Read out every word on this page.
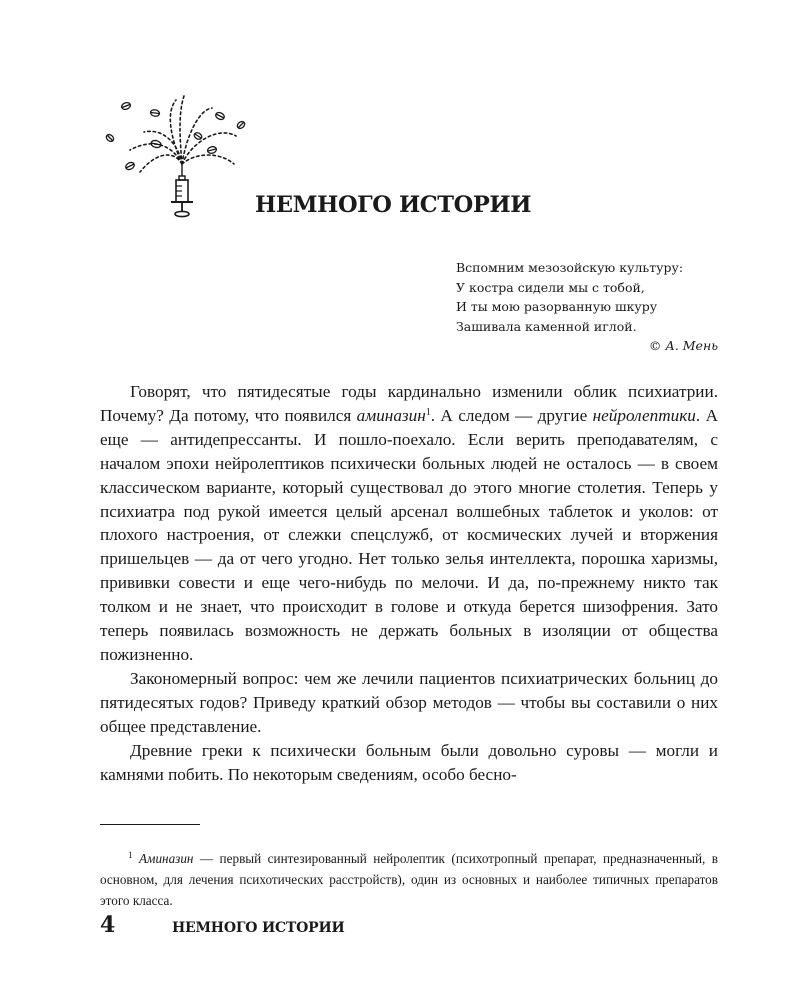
НЕМНОГО ИСТОРИИ
Вспомним мезозойскую культуру:
У костра сидели мы с тобой,
И ты мою разорванную шкуру
Зашивала каменной иглой.
© А. Мень

Говорят, что пятидесятые годы кардинально изменили облик психиатрии. Почему? Да потому, что появился аминазин$^1$. А следом — другие нейролептики. А еще — антидепрессанты. И пошло-поехало. Если верить преподавателям, с началом эпохи нейролептиков психически больных людей не осталось — в своем классическом варианте, который существовал до этого многие столетия. Теперь у психиатра под рукой имеется целый арсенал волшебных таблеток и уколов: от плохого настроения, от слежки спецслужб, от космических лучей и вторжения пришельцев — да от чего угодно. Нет только зелья интеллекта, порошка харизмы, прививки совести и еще чего-нибудь по мелочи. И да, по-прежнему никто так толком и не знает, что происходит в голове и откуда берется шизофрения. Зато теперь появилась возможность не держать больных в изоляции от общества пожизненно.

Закономерный вопрос: чем же лечили пациентов психиатрических больниц до пятидесятых годов? Приведу краткий обзор методов — чтобы вы составили о них общее представление.

Древние греки к психически больным были довольно суровы — могли и камнями побить. По некоторым сведениям, особо бесно-

$^1$ Аминазин — первый синтезированный нейролептик (психотропный препарат, предназначенный, в основном, для лечения психотических расстройств), один из основных и наиболее типичных препаратов этого класса.

4	НЕМНОГО ИСТОРИИ
